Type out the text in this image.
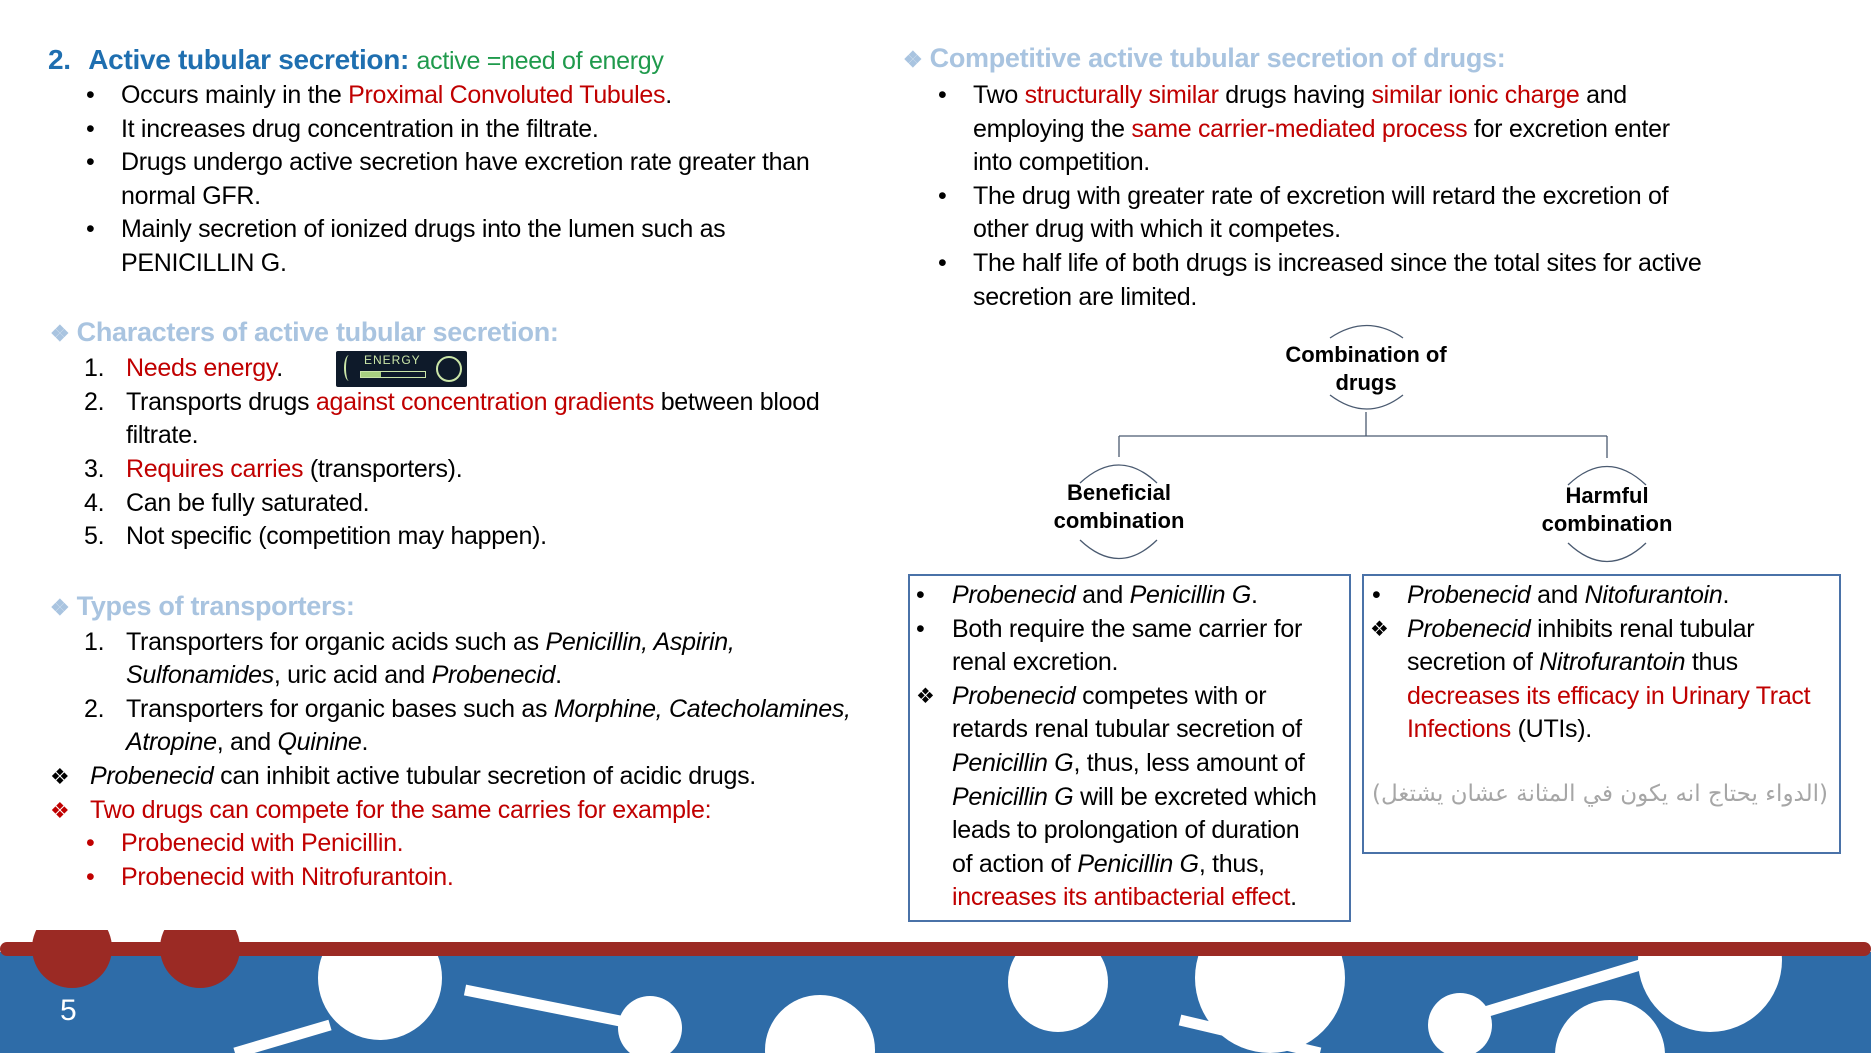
2. Active tubular secretion: active =need of energy
• Occurs mainly in the Proximal Convoluted Tubules.
• It increases drug concentration in the filtrate.
• Drugs undergo active secretion have excretion rate greater than
normal GFR.
• Mainly secretion of ionized drugs into the lumen such as
PENICILLIN G.
❖ Characters of active tubular secretion:
1. Needs energy.	ENERGY
2. Transports drugs against concentration gradients between blood
filtrate.
3. Requires carries (transporters).
4. Can be fully saturated.
5. Not specific (competition may happen).
❖ Types of transporters:
1. Transporters for organic acids such as Penicillin, Aspirin,
Sulfonamides, uric acid and Probenecid.
2. Transporters for organic bases such as Morphine, Catecholamines,
Atropine, and Quinine.
❖ Probenecid can inhibit active tubular secretion of acidic drugs.
❖ Two drugs can compete for the same carries for example:
• Probenecid with Penicillin.
• Probenecid with Nitrofurantoin.
❖ Competitive active tubular secretion of drugs:
• Two structurally similar drugs having similar ionic charge and
employing the same carrier-mediated process for excretion enter
into competition.
• The drug with greater rate of excretion will retard the excretion of
other drug with which it competes.
• The half life of both drugs is increased since the total sites for active
secretion are limited.
Combination of
drugs
Beneficial
combination
Harmful
combination
• Probenecid and Penicillin G.
• Both require the same carrier for
renal excretion.
❖ Probenecid competes with or
retards renal tubular secretion of
Penicillin G, thus, less amount of
Penicillin G will be excreted which
leads to prolongation of duration
of action of Penicillin G, thus,
increases its antibacterial effect.
• Probenecid and Nitofurantoin.
❖ Probenecid inhibits renal tubular
secretion of Nitrofurantoin thus
decreases its efficacy in Urinary Tract
Infections (UTIs).
(الدواء يحتاج انه يكون في المثانة عشان يشتغل)
5
